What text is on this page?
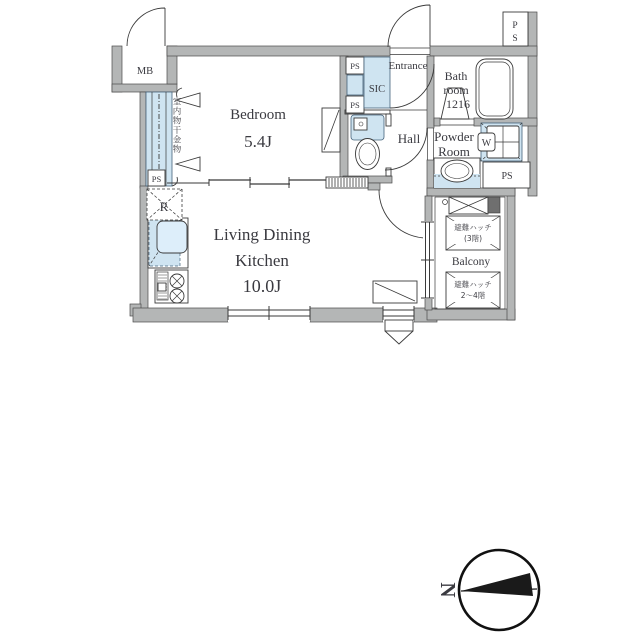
MB
Bedroom
5.4J
P
S
PS
PS
PS	PS
SIC
Entrance
Bath
room
1216
Hall Powder
Room
W
Living Dining
Kitchen
10.0J
R
Balcony
避難ハッチ
(3階)
避難ハッチ
2〜4階
N
室内物干金物
